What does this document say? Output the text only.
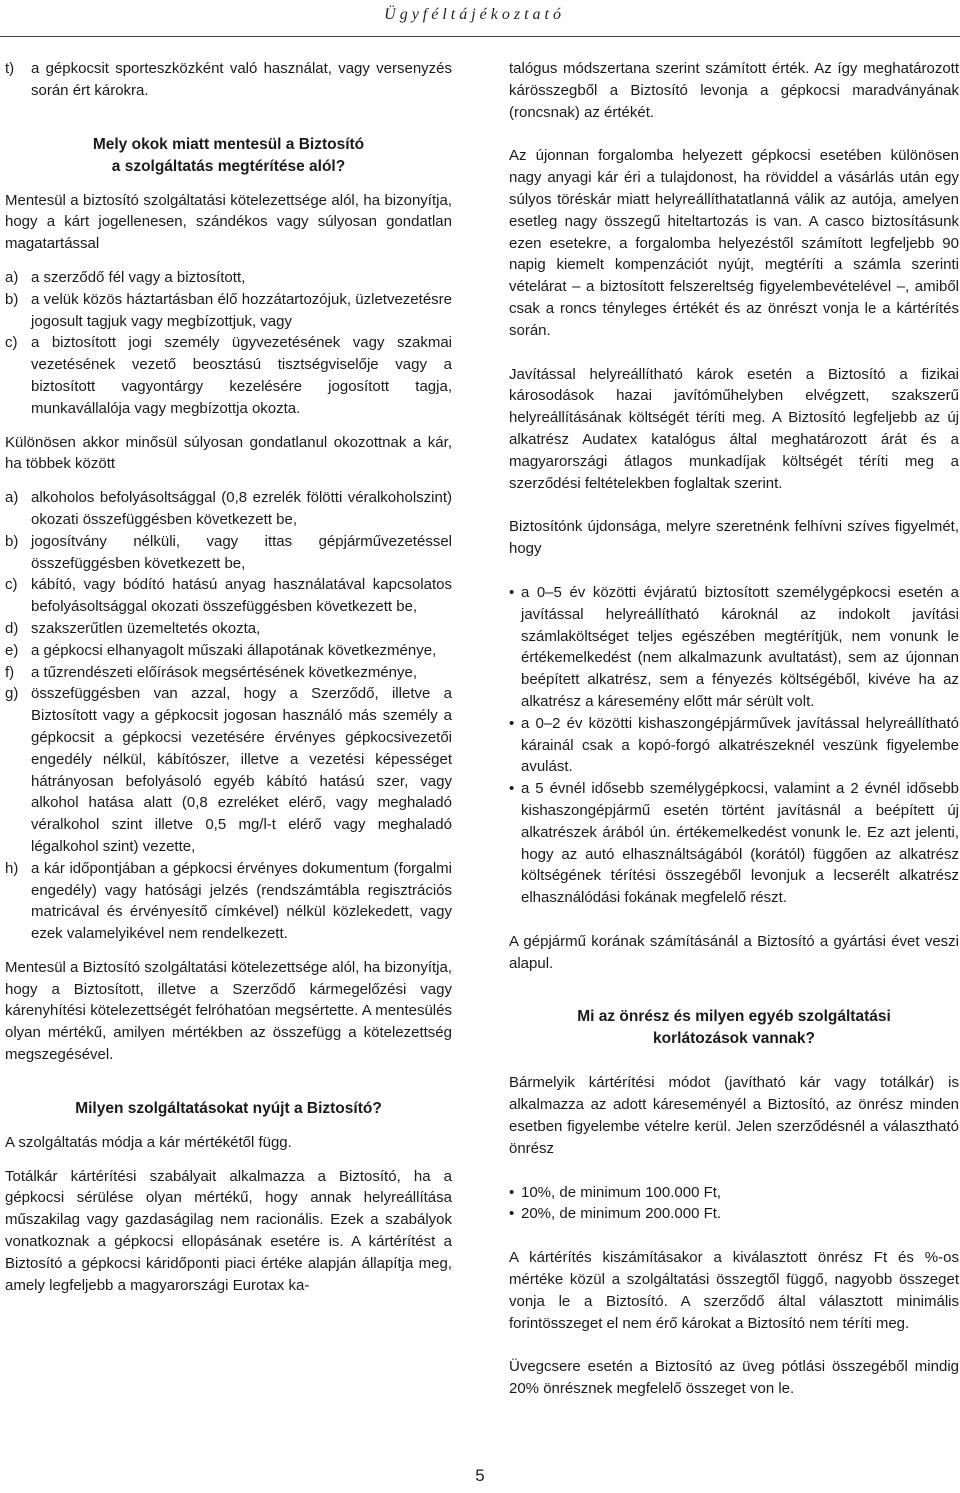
Ügyféltájékoztató
t) a gépkocsit sporteszközként való használat, vagy versenyzés során ért károkra.
Mely okok miatt mentesül a Biztosító
a szolgáltatás megtérítése alól?

Mentesül a biztosító szolgáltatási kötelezettsége alól, ha bizonyítja, hogy a kárt jogellenesen, szándékos vagy súlyosan gondatlan magatartással

a) a szerződő fél vagy a biztosított,
b) a velük közös háztartásban élő hozzátartozójuk, üzletvezetésre jogosult tagjuk vagy megbízottjuk, vagy
c) a biztosított jogi személy ügyvezetésének vagy szakmai vezetésének vezető beosztású tisztségviselője vagy a biztosított vagyontárgy kezelésére jogosított tagja, munkavállalója vagy megbízottja okozta.

Különösen akkor minősül súlyosan gondatlanul okozottnak a kár, ha többek között

a) alkoholos befolyásoltsággal (0,8 ezrelék fölötti véralkoholszint) okozati összefüggésben következett be,
b) jogosítvány nélküli, vagy ittas gépjárművezetéssel összefüggésben következett be,
c) kábító, vagy bódító hatású anyag használatával kapcsolatos befolyásoltsággal okozati összefüggésben következett be,
d) szakszerűtlen üzemeltetés okozta,
e) a gépkocsi elhanyagolt műszaki állapotának következménye,
f) a tűzrendészeti előírások megsértésének következménye,
g) összefüggésben van azzal, hogy a Szerződő, illetve a Biztosított vagy a gépkocsit jogosan használó más személy a gépkocsit a gépkocsi vezetésére érvényes gépkocsivezetői engedély nélkül, kábítószer, illetve a vezetési képességet hátrányosan befolyásoló egyéb kábító hatású szer, vagy alkohol hatása alatt (0,8 ezreléket elérő, vagy meghaladó véralkohol szint illetve 0,5 mg/l-t elérő vagy meghaladó légalkohol szint) vezette,
h) a kár időpontjában a gépkocsi érvényes dokumentum (forgalmi engedély) vagy hatósági jelzés (rendszámtábla regisztrációs matricával és érvényesítő címkével) nélkül közlekedett, vagy ezek valamelyikével nem rendelkezett.

Mentesül a Biztosító szolgáltatási kötelezettsége alól, ha bizonyítja, hogy a Biztosított, illetve a Szerződő kármegelőzési vagy kárenyhítési kötelezettségét felróhatóan megsértette. A mentesülés olyan mértékű, amilyen mértékben az összefügg a kötelezettség megszegésével.

Milyen szolgáltatásokat nyújt a Biztosító?

A szolgáltatás módja a kár mértékétől függ.

Totálkár kártérítési szabályait alkalmazza a Biztosító, ha a gépkocsi sérülése olyan mértékű, hogy annak helyreállítása műszakilag vagy gazdaságilag nem racionális. Ezek a szabályok vonatkoznak a gépkocsi ellopásának esetére is. A kártérítést a Biztosító a gépkocsi káridőponti piaci értéke alapján állapítja meg, amely legfeljebb a magyarországi Eurotax ka-

talógus módszertana szerint számított érték. Az így meghatározott kárösszegből a Biztosító levonja a gépkocsi maradványának (roncsnak) az értékét.

Az újonnan forgalomba helyezett gépkocsi esetében különösen nagy anyagi kár éri a tulajdonost, ha röviddel a vásárlás után egy súlyos töréskár miatt helyreállíthatatlanná válik az autója, amelyen esetleg nagy összegű hiteltartozás is van. A casco biztosításunk ezen esetekre, a forgalomba helyezéstől számított legfeljebb 90 napig kiemelt kompenzációt nyújt, megtéríti a számla szerinti vételárat – a biztosított felszereltség figyelembevételével –, amiből csak a roncs tényleges értékét és az önrészt vonja le a kártérítés során.

Javítással helyreállítható károk esetén a Biztosító a fizikai károsodások hazai javítóműhelyben elvégzett, szakszerű helyreállításának költségét téríti meg. A Biztosító legfeljebb az új alkatrész Audatex katalógus által meghatározott árát és a magyarországi átlagos munkadíjak költségét téríti meg a szerződési feltételekben foglaltak szerint.

Biztosítónk újdonsága, melyre szeretnénk felhívni szíves figyelmét, hogy

• a 0–5 év közötti évjáratú biztosított személygépkocsi esetén a javítással helyreállítható károknál az indokolt javítási számlaköltséget teljes egészében megtérítjük, nem vonunk le értékemelkedést (nem alkalmazunk avultatást), sem az újonnan beépített alkatrész, sem a fényezés költségéből, kivéve ha az alkatrész a káresemény előtt már sérült volt.
• a 0–2 év közötti kishaszongépjárművek javítással helyreállítható kárainál csak a kopó-forgó alkatrészeknél veszünk figyelembe avulást.
• a 5 évnél idősebb személygépkocsi, valamint a 2 évnél idősebb kishaszongépjármű esetén történt javításnál a beépített új alkatrészek árából ún. értékemelkedést vonunk le. Ez azt jelenti, hogy az autó elhasználtságából (korától) függően az alkatrész költségének térítési összegéből levonjuk a lecserélt alkatrész elhasználódási fokának megfelelő részt.

A gépjármű korának számításánál a Biztosító a gyártási évet veszi alapul.

Mi az önrész és milyen egyéb szolgáltatási
korlátozások vannak?

Bármelyik kártérítési módot (javítható kár vagy totálkár) is alkalmazza az adott káreseményél a Biztosító, az önrész minden esetben figyelembe vételre kerül. Jelen szerződésnél a választható önrész

• 10%, de minimum 100.000 Ft,
• 20%, de minimum 200.000 Ft.

A kártérítés kiszámításakor a kiválasztott önrész Ft és %-os mértéke közül a szolgáltatási összegtől függő, nagyobb összeget vonja le a Biztosító. A szerződő által választott minimális forintösszeget el nem érő károkat a Biztosító nem téríti meg.

Üvegcsere esetén a Biztosító az üveg pótlási összegéből mindig 20% önrésznek megfelelő összeget von le.

5
